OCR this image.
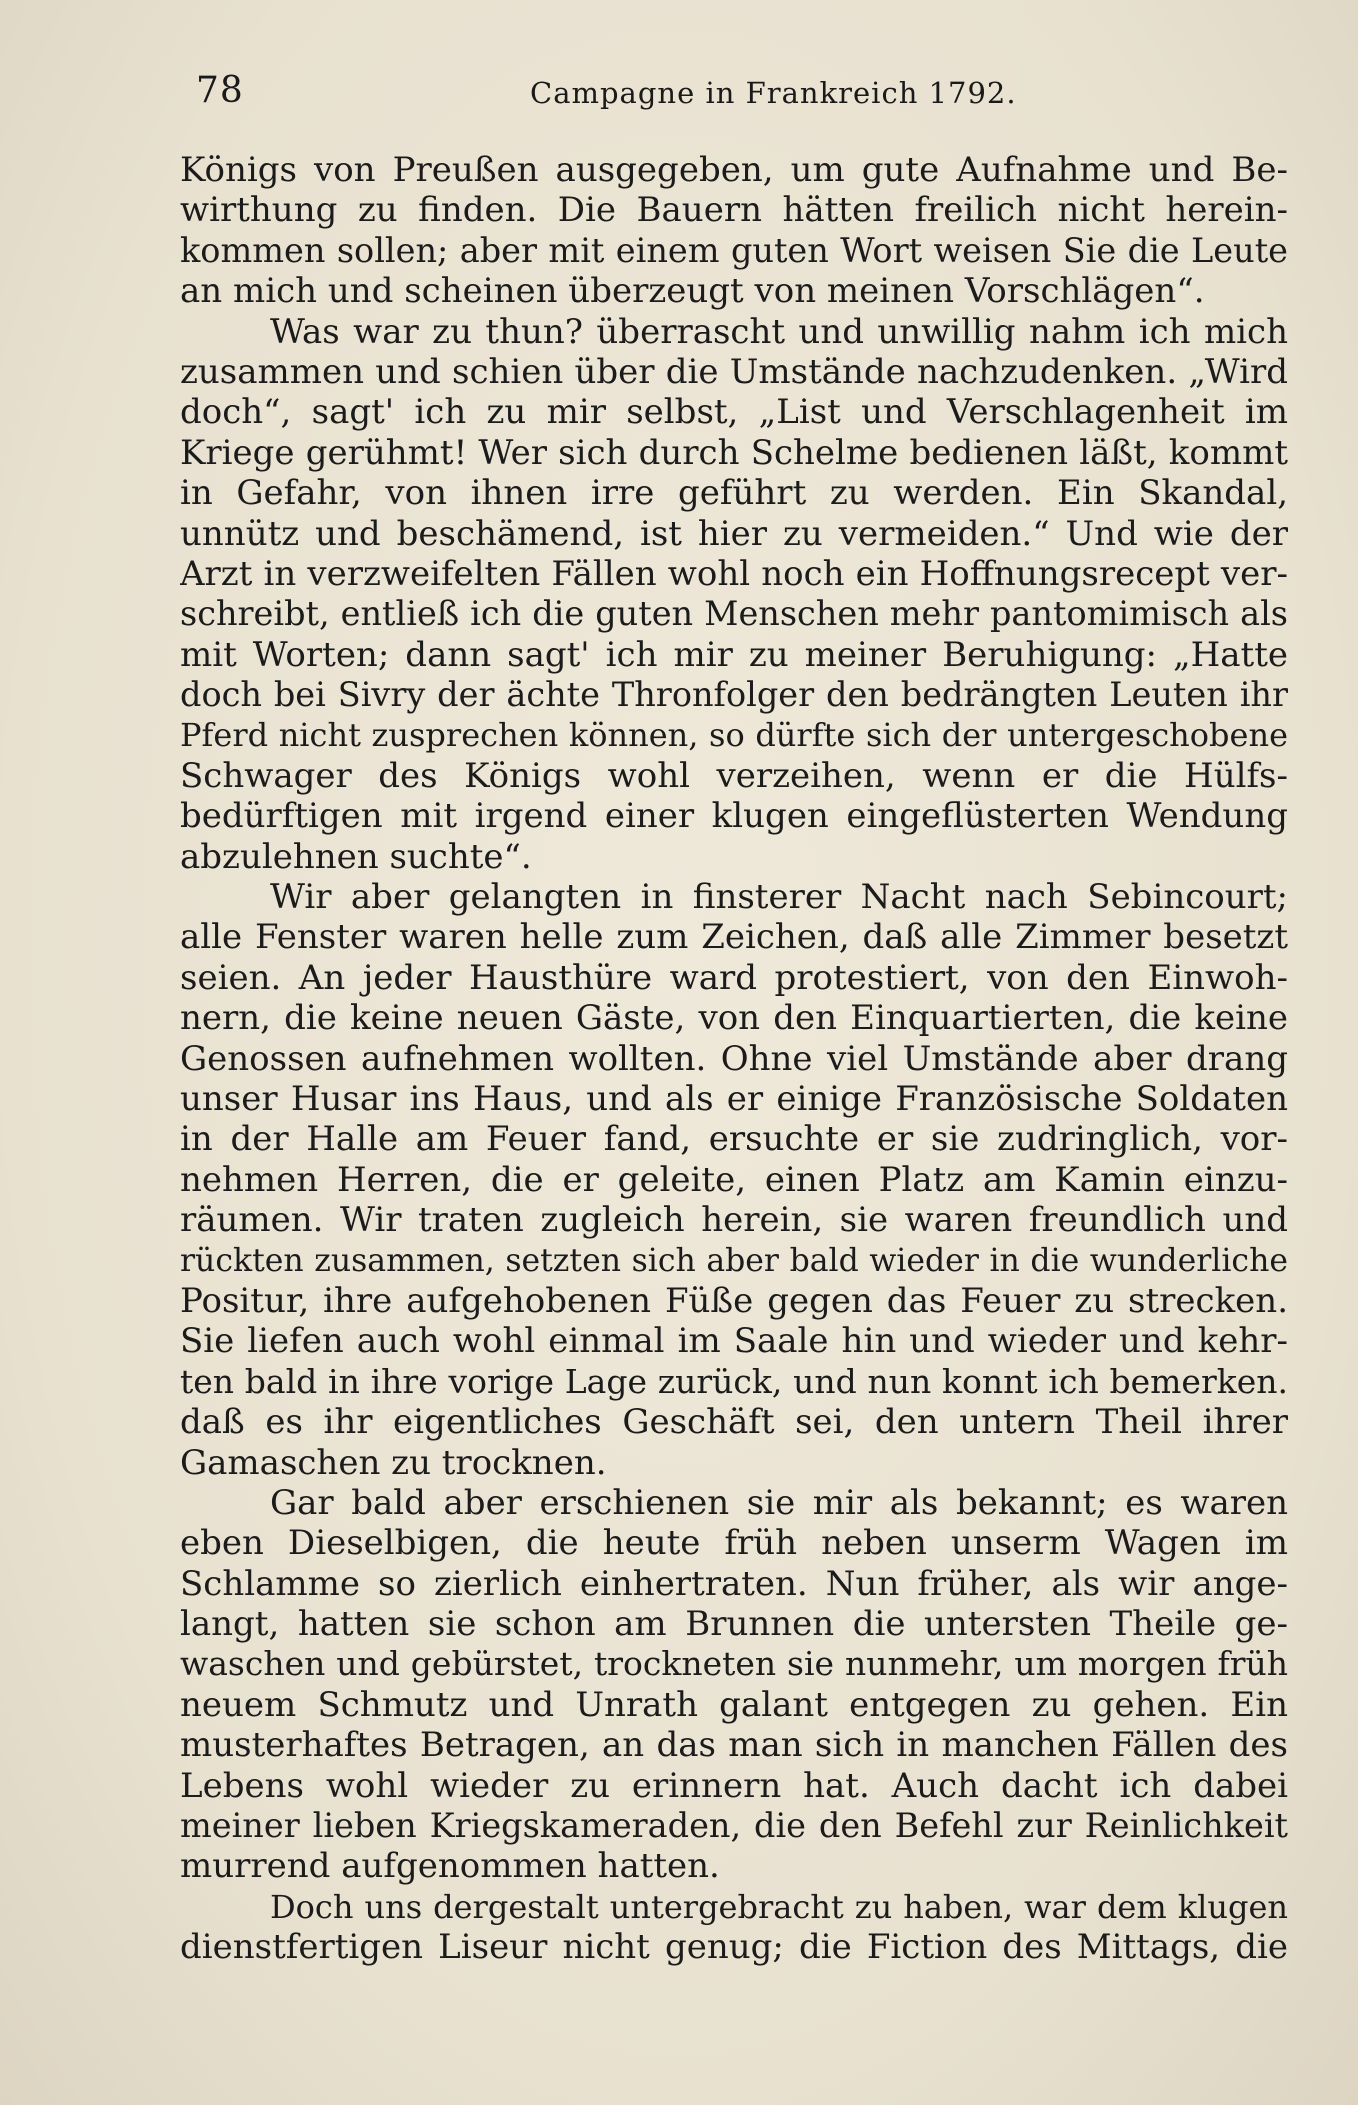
78	Campagne in Frankreich 1792.
Königs von Preußen ausgegeben, um gute Aufnahme und Be-
wirthung zu finden. Die Bauern hätten freilich nicht herein-
kommen sollen; aber mit einem guten Wort weisen Sie die Leute
an mich und scheinen überzeugt von meinen Vorschlägen“.
Was war zu thun? überrascht und unwillig nahm ich mich
zusammen und schien über die Umstände nachzudenken. „Wird
doch“, sagt' ich zu mir selbst, „List und Verschlagenheit im
Kriege gerühmt! Wer sich durch Schelme bedienen läßt, kommt
in Gefahr, von ihnen irre geführt zu werden. Ein Skandal,
unnütz und beschämend, ist hier zu vermeiden.“ Und wie der
Arzt in verzweifelten Fällen wohl noch ein Hoffnungsrecept ver-
schreibt, entließ ich die guten Menschen mehr pantomimisch als
mit Worten; dann sagt' ich mir zu meiner Beruhigung: „Hatte
doch bei Sivry der ächte Thronfolger den bedrängten Leuten ihr
Pferd nicht zusprechen können, so dürfte sich der untergeschobene
Schwager des Königs wohl verzeihen, wenn er die Hülfs-
bedürftigen mit irgend einer klugen eingeflüsterten Wendung
abzulehnen suchte“.
Wir aber gelangten in finsterer Nacht nach Sebincourt;
alle Fenster waren helle zum Zeichen, daß alle Zimmer besetzt
seien. An jeder Hausthüre ward protestiert, von den Einwoh-
nern, die keine neuen Gäste, von den Einquartierten, die keine
Genossen aufnehmen wollten. Ohne viel Umstände aber drang
unser Husar ins Haus, und als er einige Französische Soldaten
in der Halle am Feuer fand, ersuchte er sie zudringlich, vor-
nehmen Herren, die er geleite, einen Platz am Kamin einzu-
räumen. Wir traten zugleich herein, sie waren freundlich und
rückten zusammen, setzten sich aber bald wieder in die wunderliche
Positur, ihre aufgehobenen Füße gegen das Feuer zu strecken.
Sie liefen auch wohl einmal im Saale hin und wieder und kehr-
ten bald in ihre vorige Lage zurück, und nun konnt ich bemerken.
daß es ihr eigentliches Geschäft sei, den untern Theil ihrer
Gamaschen zu trocknen.
Gar bald aber erschienen sie mir als bekannt; es waren
eben Dieselbigen, die heute früh neben unserm Wagen im
Schlamme so zierlich einhertraten. Nun früher, als wir ange-
langt, hatten sie schon am Brunnen die untersten Theile ge-
waschen und gebürstet, trockneten sie nunmehr, um morgen früh
neuem Schmutz und Unrath galant entgegen zu gehen. Ein
musterhaftes Betragen, an das man sich in manchen Fällen des
Lebens wohl wieder zu erinnern hat. Auch dacht ich dabei
meiner lieben Kriegskameraden, die den Befehl zur Reinlichkeit
murrend aufgenommen hatten.
Doch uns dergestalt untergebracht zu haben, war dem klugen
dienstfertigen Liseur nicht genug; die Fiction des Mittags, die
